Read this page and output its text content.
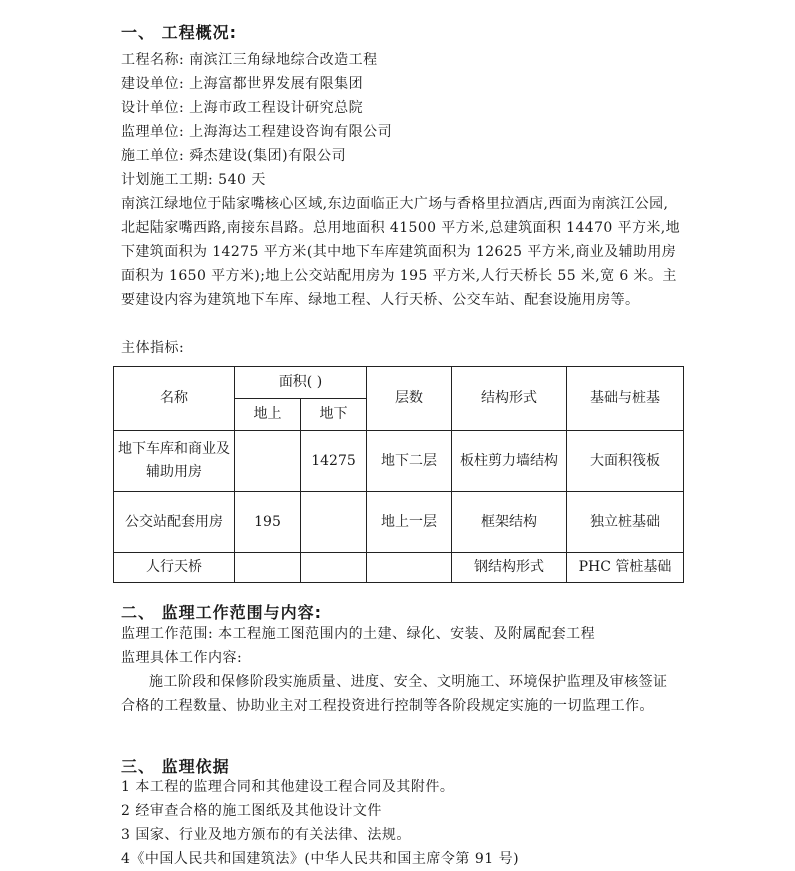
一、 工程概况:
工程名称: 南滨江三角绿地综合改造工程
建设单位: 上海富都世界发展有限集团
设计单位: 上海市政工程设计研究总院
监理单位: 上海海达工程建设咨询有限公司
施工单位: 舜杰建设(集团)有限公司
计划施工工期: 540 天
南滨江绿地位于陆家嘴核心区域,东边面临正大广场与香格里拉酒店,西面为南滨江公园,北起陆家嘴西路,南接东昌路。总用地面积 41500 平方米,总建筑面积 14470 平方米,地下建筑面积为 14275 平方米(其中地下车库建筑面积为 12625 平方米,商业及辅助用房面积为 1650 平方米);地上公交站配用房为 195 平方米,人行天桥长 55 米,宽 6 米。主要建设内容为建筑地下车库、绿地工程、人行天桥、公交车站、配套设施用房等。
主体指标:
名称	面积( )		层数	结构形式	基础与桩基
	地上	地下			
地下车库和商业及辅助用房		14275	地下二层	板柱剪力墙结构	大面积筏板
公交站配套用房	195		地上一层	框架结构	独立桩基础
人行天桥				钢结构形式	PHC 管桩基础
二、 监理工作范围与内容:
监理工作范围: 本工程施工图范围内的土建、绿化、安装、及附属配套工程
监理具体工作内容:
施工阶段和保修阶段实施质量、进度、安全、文明施工、环境保护监理及审核签证合格的工程数量、协助业主对工程投资进行控制等各阶段规定实施的一切监理工作。
三、 监理依据
1 本工程的监理合同和其他建设工程合同及其附件。
2 经审查合格的施工图纸及其他设计文件
3 国家、行业及地方颁布的有关法律、法规。
4《中国人民共和国建筑法》(中华人民共和国主席令第 91 号)
